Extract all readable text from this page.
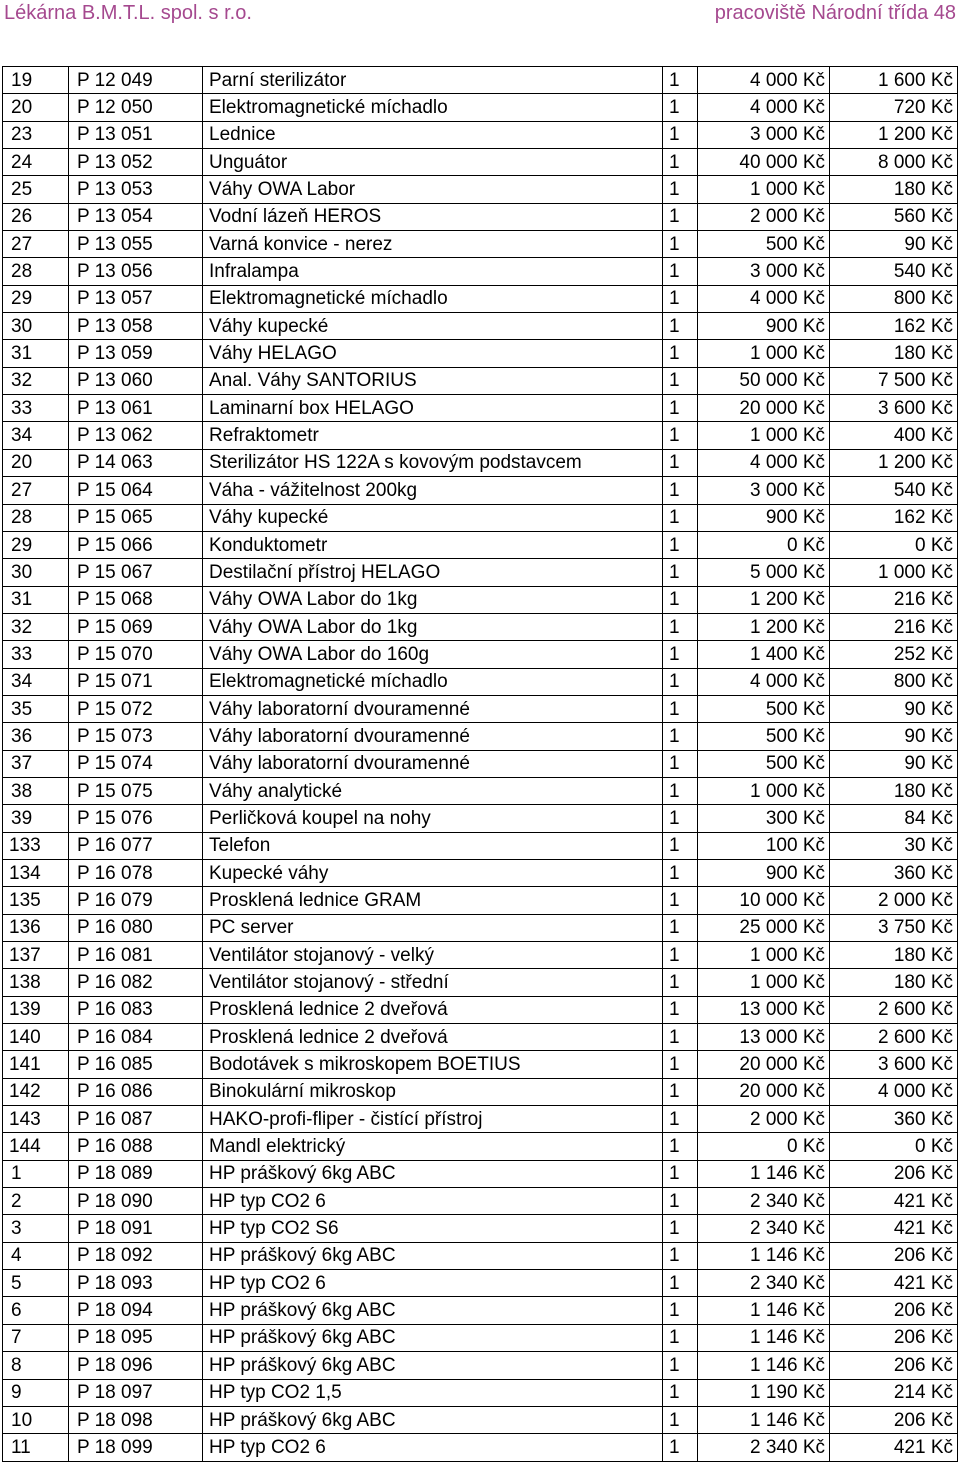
Lékárna B.M.T.L. spol. s r.o.	pracoviště Národní třída 48
19	P 12 049	Parní sterilizátor	1	4 000 Kč	1 600 Kč
20	P 12 050	Elektromagnetické míchadlo	1	4 000 Kč	720 Kč
23	P 13 051	Lednice	1	3 000 Kč	1 200 Kč
24	P 13 052	Unguátor	1	40 000 Kč	8 000 Kč
25	P 13 053	Váhy OWA Labor	1	1 000 Kč	180 Kč
26	P 13 054	Vodní lázeň HEROS	1	2 000 Kč	560 Kč
27	P 13 055	Varná konvice - nerez	1	500 Kč	90 Kč
28	P 13 056	Infralampa	1	3 000 Kč	540 Kč
29	P 13 057	Elektromagnetické míchadlo	1	4 000 Kč	800 Kč
30	P 13 058	Váhy kupecké	1	900 Kč	162 Kč
31	P 13 059	Váhy HELAGO	1	1 000 Kč	180 Kč
32	P 13 060	Anal. Váhy SANTORIUS	1	50 000 Kč	7 500 Kč
33	P 13 061	Laminarní box HELAGO	1	20 000 Kč	3 600 Kč
34	P 13 062	Refraktometr	1	1 000 Kč	400 Kč
20	P 14 063	Sterilizátor HS 122A s kovovým podstavcem	1	4 000 Kč	1 200 Kč
27	P 15 064	Váha - vážitelnost 200kg	1	3 000 Kč	540 Kč
28	P 15 065	Váhy kupecké	1	900 Kč	162 Kč
29	P 15 066	Konduktometr	1	0 Kč	0 Kč
30	P 15 067	Destilační přístroj HELAGO	1	5 000 Kč	1 000 Kč
31	P 15 068	Váhy OWA Labor do 1kg	1	1 200 Kč	216 Kč
32	P 15 069	Váhy OWA Labor do 1kg	1	1 200 Kč	216 Kč
33	P 15 070	Váhy OWA Labor do 160g	1	1 400 Kč	252 Kč
34	P 15 071	Elektromagnetické míchadlo	1	4 000 Kč	800 Kč
35	P 15 072	Váhy laboratorní dvouramenné	1	500 Kč	90 Kč
36	P 15 073	Váhy laboratorní dvouramenné	1	500 Kč	90 Kč
37	P 15 074	Váhy laboratorní dvouramenné	1	500 Kč	90 Kč
38	P 15 075	Váhy analytické	1	1 000 Kč	180 Kč
39	P 15 076	Perličková koupel na nohy	1	300 Kč	84 Kč
133	P 16 077	Telefon	1	100 Kč	30 Kč
134	P 16 078	Kupecké váhy	1	900 Kč	360 Kč
135	P 16 079	Prosklená lednice GRAM	1	10 000 Kč	2 000 Kč
136	P 16 080	PC server	1	25 000 Kč	3 750 Kč
137	P 16 081	Ventilátor stojanový - velký	1	1 000 Kč	180 Kč
138	P 16 082	Ventilátor stojanový - střední	1	1 000 Kč	180 Kč
139	P 16 083	Prosklená lednice 2 dveřová	1	13 000 Kč	2 600 Kč
140	P 16 084	Prosklená lednice 2 dveřová	1	13 000 Kč	2 600 Kč
141	P 16 085	Bodotávek s mikroskopem BOETIUS	1	20 000 Kč	3 600 Kč
142	P 16 086	Binokulární mikroskop	1	20 000 Kč	4 000 Kč
143	P 16 087	HAKO-profi-fliper - čistící přístroj	1	2 000 Kč	360 Kč
144	P 16 088	Mandl elektrický	1	0 Kč	0 Kč
1	P 18 089	HP práškový 6kg ABC	1	1 146 Kč	206 Kč
2	P 18 090	HP typ CO2 6	1	2 340 Kč	421 Kč
3	P 18 091	HP typ CO2 S6	1	2 340 Kč	421 Kč
4	P 18 092	HP práškový 6kg ABC	1	1 146 Kč	206 Kč
5	P 18 093	HP typ CO2 6	1	2 340 Kč	421 Kč
6	P 18 094	HP práškový 6kg ABC	1	1 146 Kč	206 Kč
7	P 18 095	HP práškový 6kg ABC	1	1 146 Kč	206 Kč
8	P 18 096	HP práškový 6kg ABC	1	1 146 Kč	206 Kč
9	P 18 097	HP typ CO2 1,5	1	1 190 Kč	214 Kč
10	P 18 098	HP práškový 6kg ABC	1	1 146 Kč	206 Kč
11	P 18 099	HP typ CO2 6	1	2 340 Kč	421 Kč
